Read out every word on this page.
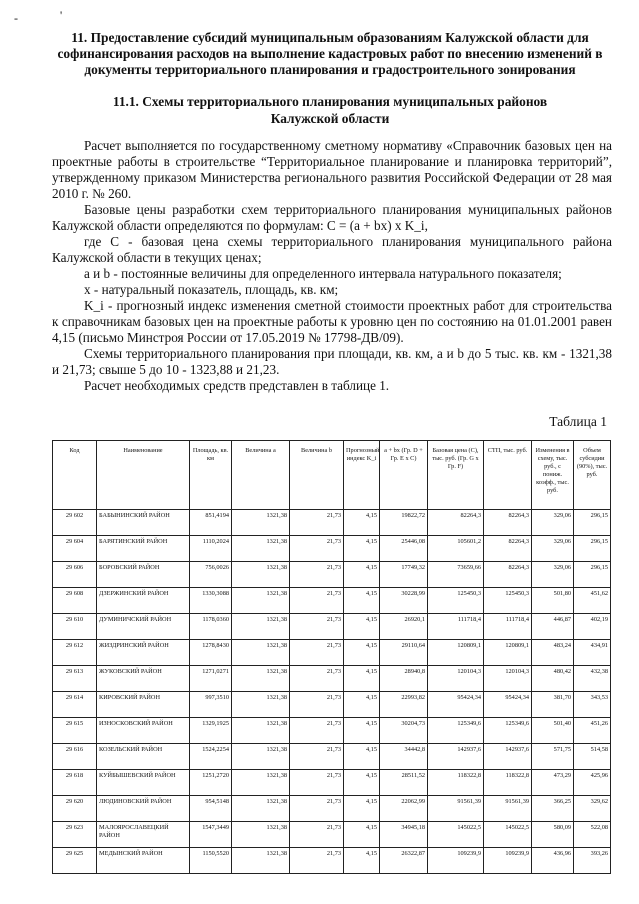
-	'
11. Предоставление субсидий муниципальным образованиям Калужской области для софинансирования расходов на выполнение кадастровых работ по внесению изменений в документы территориального планирования и градостроительного зонирования
11.1. Схемы территориального планирования муниципальных районов
Калужской области

Расчет выполняется по государственному сметному нормативу «Справочник базовых цен на проектные работы в строительстве “Территориальное планирование и планировка территорий”, утвержденному приказом Министерства регионального развития Российской Федерации от 28 мая 2010 г. № 260.

Базовые цены разработки схем территориального планирования муниципальных районов Калужской области определяются по формулам: C = (a + bx) x K_i,

где C - базовая цена схемы территориального планирования муниципального района Калужской области в текущих ценах;

a и b - постоянные величины для определенного интервала натурального показателя;

x - натуральный показатель, площадь, кв. км;

K_i - прогнозный индекс изменения сметной стоимости проектных работ для строительства к справочникам базовых цен на проектные работы к уровню цен по состоянию на 01.01.2001 равен 4,15 (письмо Минстроя России от 17.05.2019 № 17798-ДВ/09).

Схемы территориального планирования при площади, кв. км, a и b до 5 тыс. кв. км - 1321,38 и 21,73; свыше 5 до 10 - 1323,88 и 21,23.

Расчет необходимых средств представлен в таблице 1.

Таблица 1
Код	Наименование	Площадь, кв. км	Величина a	Величина b	Прогнозный индекс K_i	a + bx (Гр. D + Гр. E x C)	Базовая цена (C), тыс. руб. (Гр. G x Гр. F)	СТП, тыс. руб.	Изменения в схему, тыс. руб., с пониж. коэфф., тыс. руб.	Объем субсидии (90%), тыс. руб.
29 602	БАБЫНИНСКИЙ РАЙОН	851,4194	1321,38	21,73	4,15	19822,72	82264,3	82264,3	329,06	296,15
29 604	БАРЯТИНСКИЙ РАЙОН	1110,2024	1321,38	21,73	4,15	25446,08	105601,2	82264,3	329,06	296,15
29 606	БОРОВСКИЙ РАЙОН	756,0026	1321,38	21,73	4,15	17749,32	73659,66	82264,3	329,06	296,15
29 608	ДЗЕРЖИНСКИЙ РАЙОН	1330,3088	1321,38	21,73	4,15	30228,99	125450,3	125450,3	501,80	451,62
29 610	ДУМИНИЧСКИЙ РАЙОН	1178,0360	1321,38	21,73	4,15	26920,1	111718,4	111718,4	446,87	402,19
29 612	ЖИЗДРИНСКИЙ РАЙОН	1278,8430	1321,38	21,73	4,15	29110,64	120809,1	120809,1	483,24	434,91
29 613	ЖУКОВСКИЙ РАЙОН	1271,0271	1321,38	21,73	4,15	28940,8	120104,3	120104,3	480,42	432,38
29 614	КИРОВСКИЙ РАЙОН	997,3510	1321,38	21,73	4,15	22993,82	95424,34	95424,34	381,70	343,53
29 615	ИЗНОСКОВСКИЙ РАЙОН	1329,1925	1321,38	21,73	4,15	30204,73	125349,6	125349,6	501,40	451,26
29 616	КОЗЕЛЬСКИЙ РАЙОН	1524,2254	1321,38	21,73	4,15	34442,8	142937,6	142937,6	571,75	514,58
29 618	КУЙБЫШЕВСКИЙ РАЙОН	1251,2720	1321,38	21,73	4,15	28511,52	118322,8	118322,8	473,29	425,96
29 620	ЛЮДИНОВСКИЙ РАЙОН	954,5148	1321,38	21,73	4,15	22062,99	91561,39	91561,39	366,25	329,62
29 623	МАЛОЯРОСЛАВЕЦКИЙ РАЙОН	1547,3449	1321,38	21,73	4,15	34945,18	145022,5	145022,5	580,09	522,08
29 625	МЕДЫНСКИЙ РАЙОН	1150,5520	1321,38	21,73	4,15	26322,87	109239,9	109239,9	436,96	393,26
